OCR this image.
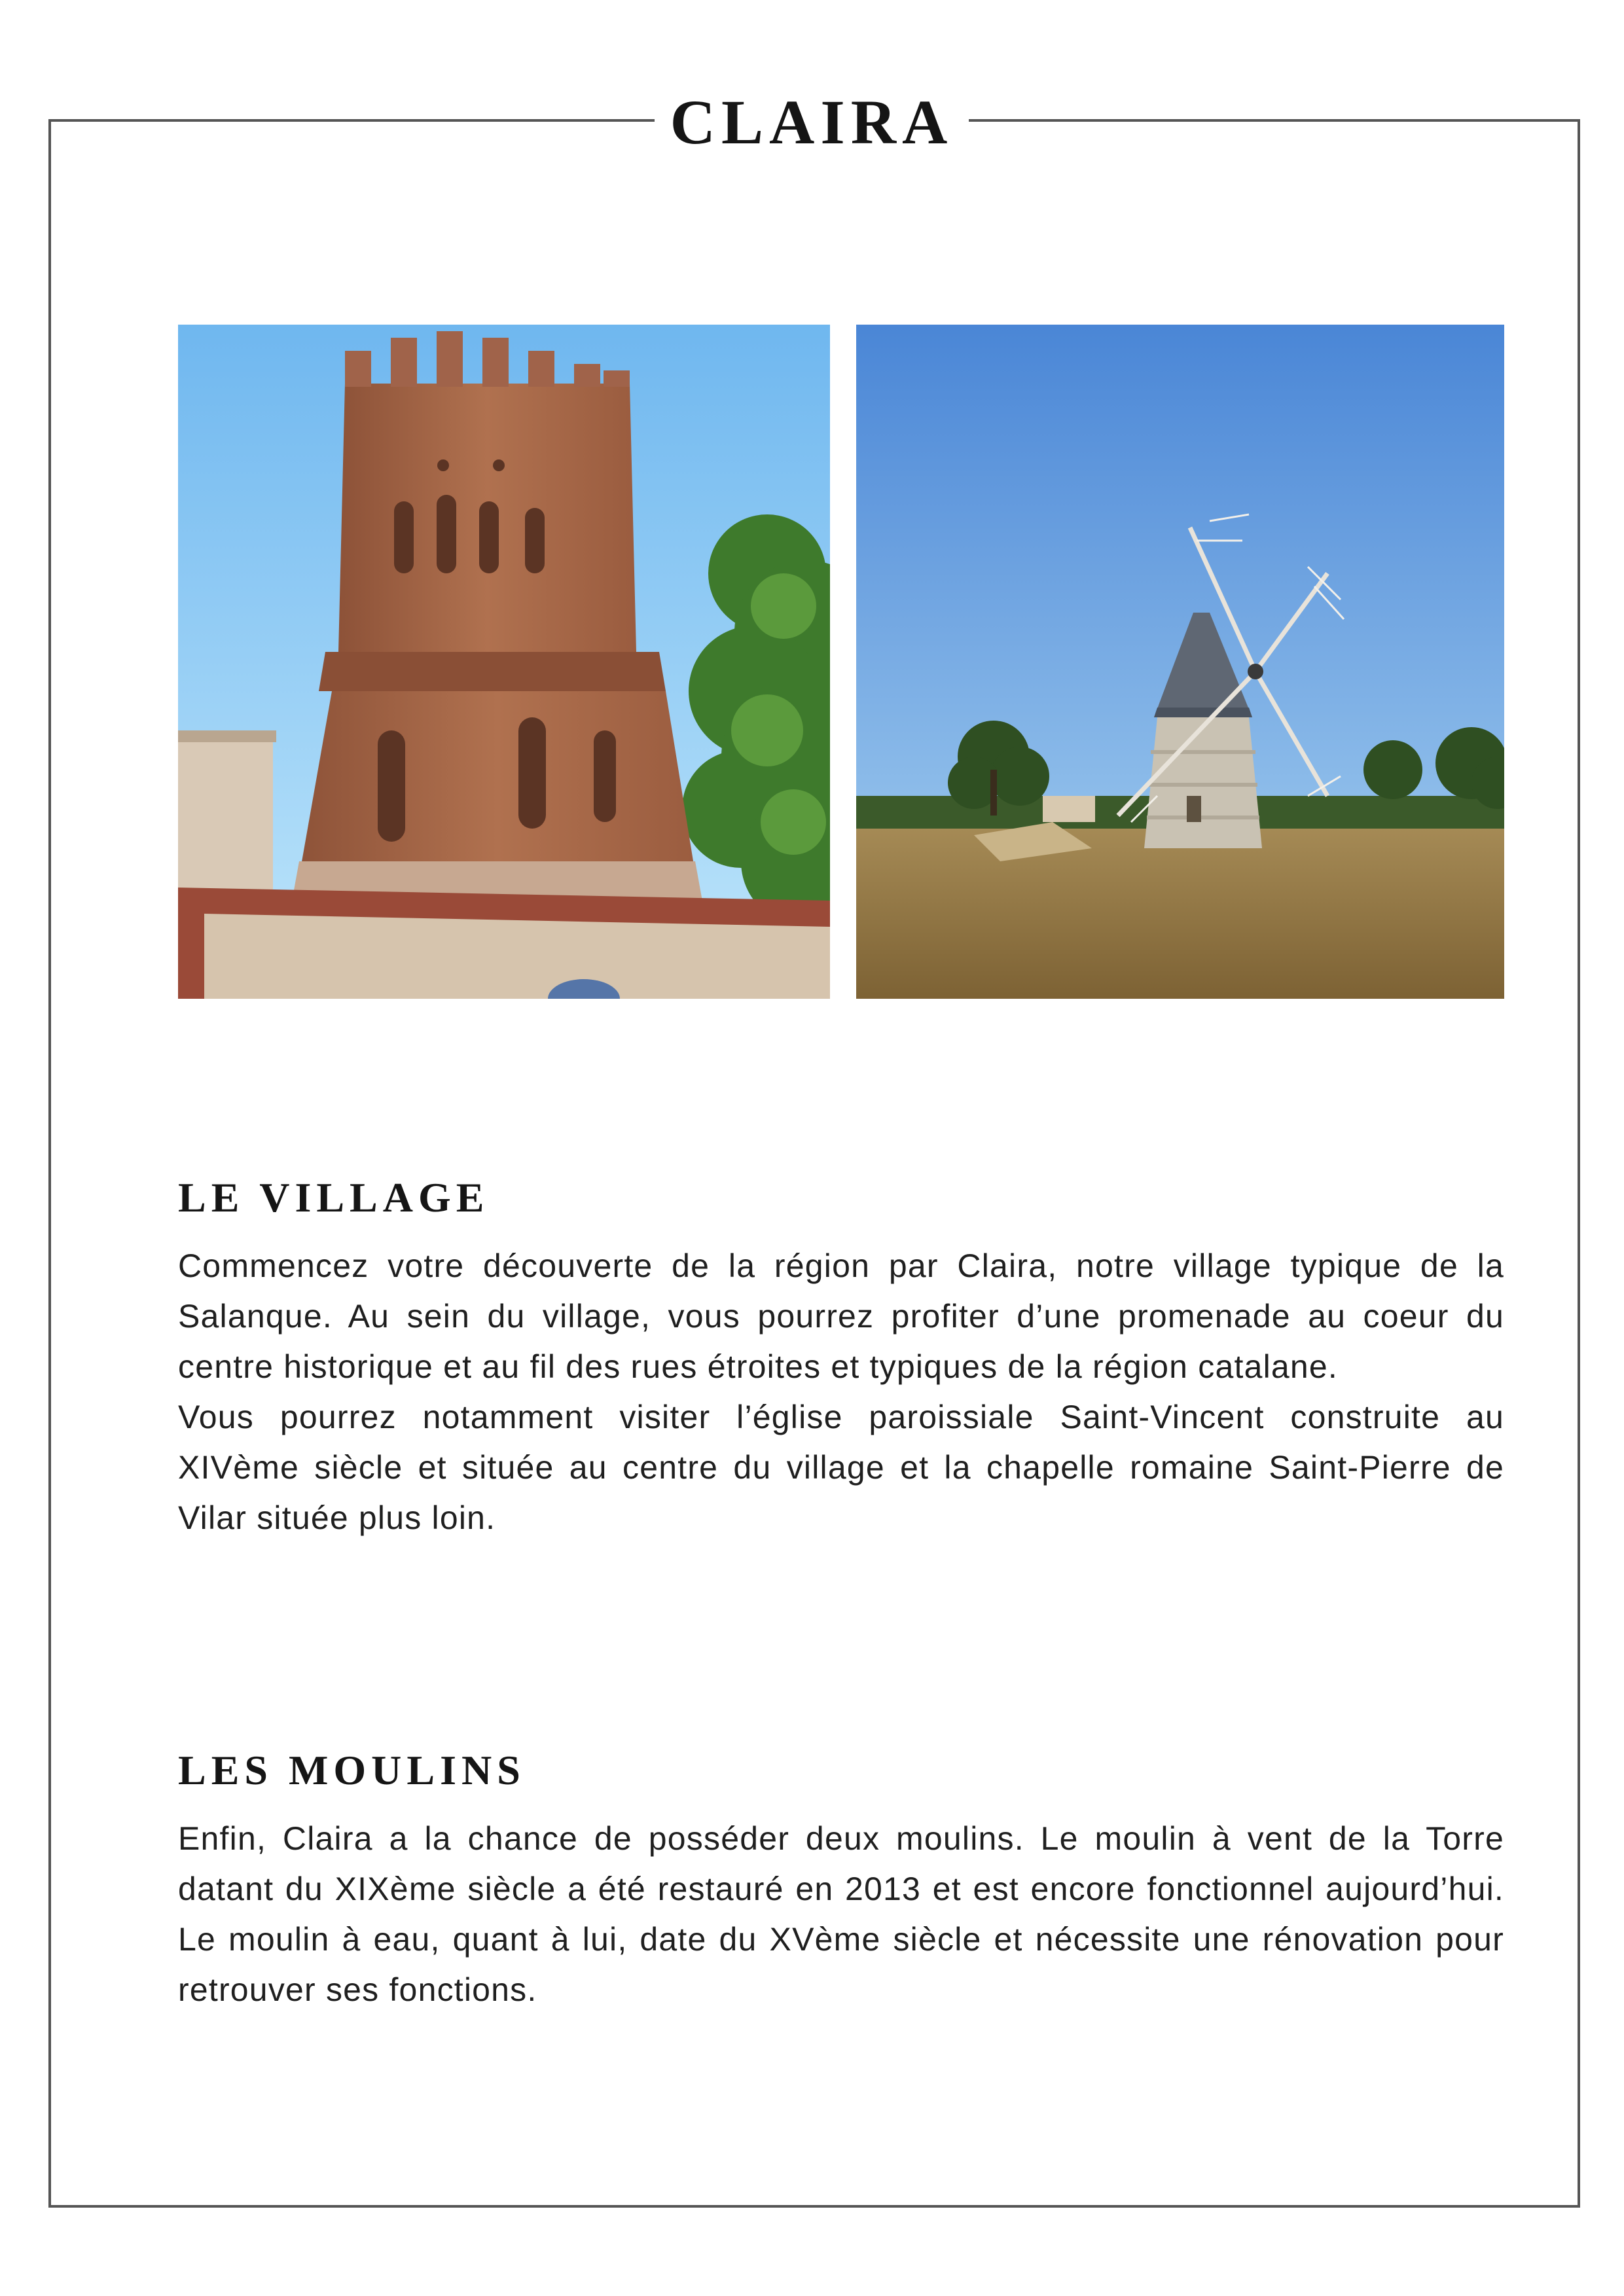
CLAIRA
LE VILLAGE

Commencez votre découverte de la région par Claira, notre village typique de la Salanque. Au sein du village, vous pourrez profiter d’une promenade au coeur du centre historique et au fil des rues étroites et typiques de la région catalane.

Vous pourrez notamment visiter l’église paroissiale Saint-Vincent construite au XIVème siècle et située au centre du village et la chapelle romaine Saint-Pierre de Vilar située plus loin.

LES MOULINS

Enfin, Claira a la chance de posséder deux moulins. Le moulin à vent de la Torre datant du XIXème siècle a été restauré en 2013 et est encore fonctionnel aujourd’hui. Le moulin à eau, quant à lui, date du XVème siècle et nécessite une rénovation pour retrouver ses fonctions.
